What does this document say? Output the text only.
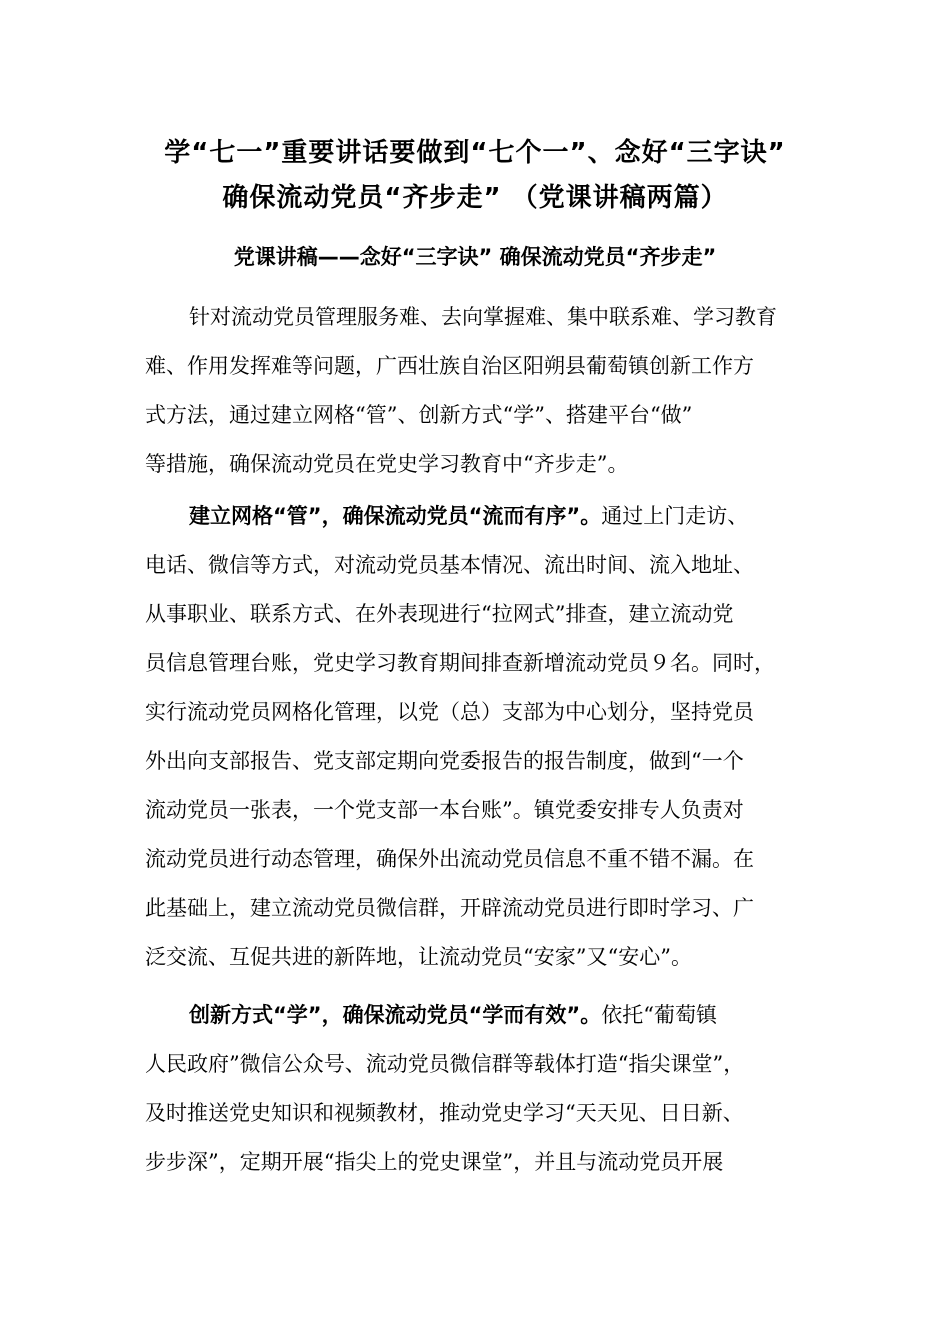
学“七一”重要讲话要做到“七个一”、念好“三字诀”
确保流动党员“齐步走” （党课讲稿两篇）
党课讲稿——念好“三字诀” 确保流动党员“齐步走”
针对流动党员管理服务难、去向掌握难、集中联系难、学习教育
难、作用发挥难等问题，广西壮族自治区阳朔县葡萄镇创新工作方
式方法，通过建立网格“管”、创新方式“学”、搭建平台“做”
等措施，确保流动党员在党史学习教育中“齐步走”。
建立网格“管”，确保流动党员“流而有序”。通过上门走访、
电话、微信等方式，对流动党员基本情况、流出时间、流入地址、
从事职业、联系方式、在外表现进行“拉网式”排查，建立流动党
员信息管理台账，党史学习教育期间排查新增流动党员９名。同时，
实行流动党员网格化管理，以党（总）支部为中心划分，坚持党员
外出向支部报告、党支部定期向党委报告的报告制度，做到“一个
流动党员一张表，一个党支部一本台账”。镇党委安排专人负责对
流动党员进行动态管理，确保外出流动党员信息不重不错不漏。在
此基础上，建立流动党员微信群，开辟流动党员进行即时学习、广
泛交流、互促共进的新阵地，让流动党员“安家”又“安心”。
创新方式“学”，确保流动党员“学而有效”。依托“葡萄镇
人民政府”微信公众号、流动党员微信群等载体打造“指尖课堂”，
及时推送党史知识和视频教材，推动党史学习“天天见、日日新、
步步深”，定期开展“指尖上的党史课堂”，并且与流动党员开展
